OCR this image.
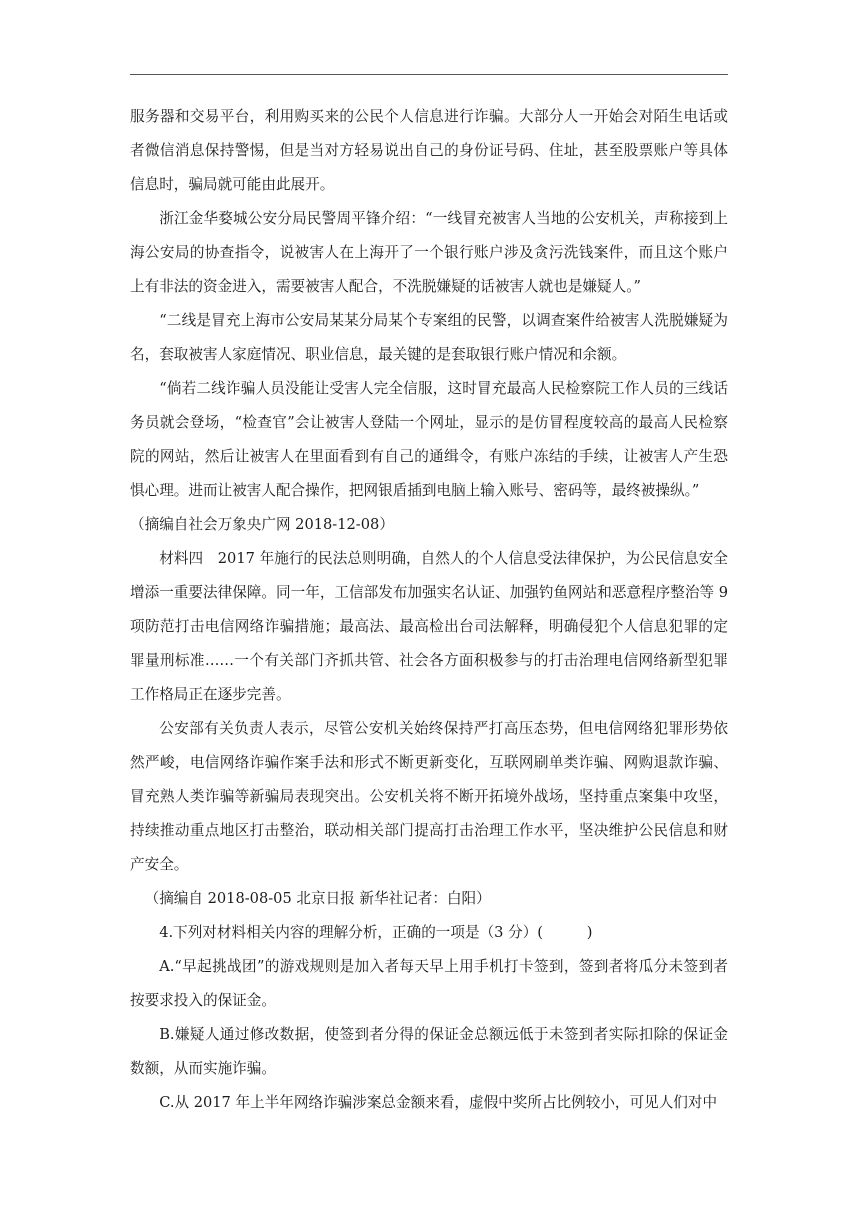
服务器和交易平台，利用购买来的公民个人信息进行诈骗。大部分人一开始会对陌生电话或者微信消息保持警惕，但是当对方轻易说出自己的身份证号码、住址，甚至股票账户等具体信息时，骗局就可能由此展开。

浙江金华婺城公安分局民警周平锋介绍：“一线冒充被害人当地的公安机关，声称接到上海公安局的协查指令，说被害人在上海开了一个银行账户涉及贪污洗钱案件，而且这个账户上有非法的资金进入，需要被害人配合，不洗脱嫌疑的话被害人就也是嫌疑人。”

“二线是冒充上海市公安局某某分局某个专案组的民警，以调查案件给被害人洗脱嫌疑为名，套取被害人家庭情况、职业信息，最关键的是套取银行账户情况和余额。

“倘若二线诈骗人员没能让受害人完全信服，这时冒充最高人民检察院工作人员的三线话务员就会登场，“检查官”会让被害人登陆一个网址，显示的是仿冒程度较高的最高人民检察院的网站，然后让被害人在里面看到有自己的通缉令，有账户冻结的手续，让被害人产生恐惧心理。进而让被害人配合操作，把网银盾插到电脑上输入账号、密码等，最终被操纵。”

（摘编自社会万象央广网 2018-12-08）

材料四　2017 年施行的民法总则明确，自然人的个人信息受法律保护，为公民信息安全增添一重要法律保障。同一年，工信部发布加强实名认证、加强钓鱼网站和恶意程序整治等 9 项防范打击电信网络诈骗措施；最高法、最高检出台司法解释，明确侵犯个人信息犯罪的定罪量刑标准……一个有关部门齐抓共管、社会各方面积极参与的打击治理电信网络新型犯罪工作格局正在逐步完善。

公安部有关负责人表示，尽管公安机关始终保持严打高压态势，但电信网络犯罪形势依然严峻，电信网络诈骗作案手法和形式不断更新变化，互联网刷单类诈骗、网购退款诈骗、冒充熟人类诈骗等新骗局表现突出。公安机关将不断开拓境外战场，坚持重点案集中攻坚，持续推动重点地区打击整治，联动相关部门提高打击治理工作水平，坚决维护公民信息和财产安全。

（摘编自 2018-08-05 北京日报 新华社记者：白阳）

4.下列对材料相关内容的理解分析，正确的一项是（3 分）(　　　)

A.“早起挑战团”的游戏规则是加入者每天早上用手机打卡签到，签到者将瓜分未签到者按要求投入的保证金。

B.嫌疑人通过修改数据，使签到者分得的保证金总额远低于未签到者实际扣除的保证金数额，从而实施诈骗。

C.从 2017 年上半年网络诈骗涉案总金额来看，虚假中奖所占比例较小，可见人们对中
